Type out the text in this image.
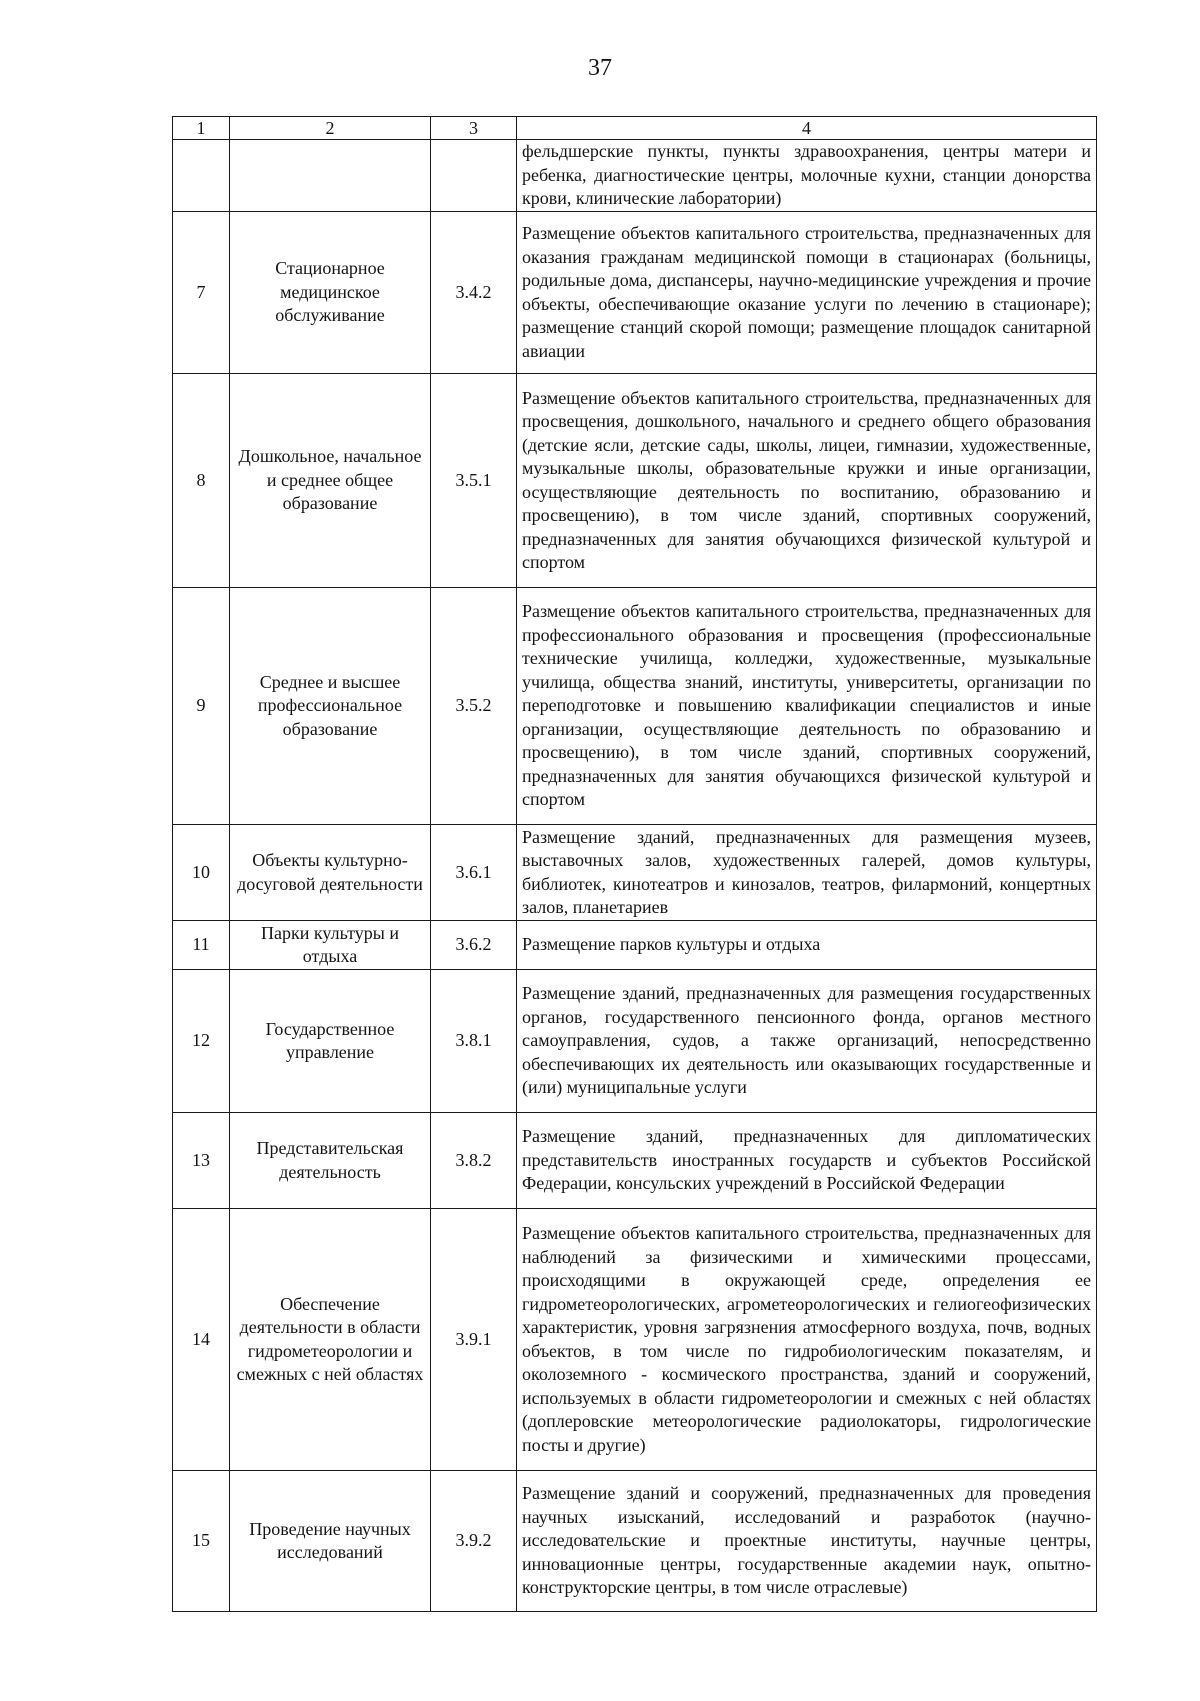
37
1	2	3	4
			фельдшерские пункты, пункты здравоохранения, центры матери и ребенка, диагностические центры, молочные кухни, станции донорства крови, клинические лаборатории)
7	Стационарное медицинское обслуживание	3.4.2	Размещение объектов капитального строительства, предназначенных для оказания гражданам медицинской помощи в стационарах (больницы, родильные дома, диспансеры, научно-медицинские учреждения и прочие объекты, обеспечивающие оказание услуги по лечению в стационаре); размещение станций скорой помощи; размещение площадок санитарной авиации
8	Дошкольное, начальное и среднее общее образование	3.5.1	Размещение объектов капитального строительства, предназначенных для просвещения, дошкольного, начального и среднего общего образования (детские ясли, детские сады, школы, лицеи, гимназии, художественные, музыкальные школы, образовательные кружки и иные организации, осуществляющие деятельность по воспитанию, образованию и просвещению), в том числе зданий, спортивных сооружений, предназначенных для занятия обучающихся физической культурой и спортом
9	Среднее и высшее профессиональное образование	3.5.2	Размещение объектов капитального строительства, предназначенных для профессионального образования и просвещения (профессиональные технические училища, колледжи, художественные, музыкальные училища, общества знаний, институты, университеты, организации по переподготовке и повышению квалификации специалистов и иные организации, осуществляющие деятельность по образованию и просвещению), в том числе зданий, спортивных сооружений, предназначенных для занятия обучающихся физической культурой и спортом
10	Объекты культурно-досуговой деятельности	3.6.1	Размещение зданий, предназначенных для размещения музеев, выставочных залов, художественных галерей, домов культуры, библиотек, кинотеатров и кинозалов, театров, филармоний, концертных залов, планетариев
11	Парки культуры и отдыха	3.6.2	Размещение парков культуры и отдыха
12	Государственное управление	3.8.1	Размещение зданий, предназначенных для размещения государственных органов, государственного пенсионного фонда, органов местного самоуправления, судов, а также организаций, непосредственно обеспечивающих их деятельность или оказывающих государственные и (или) муниципальные услуги
13	Представительская деятельность	3.8.2	Размещение зданий, предназначенных для дипломатических представительств иностранных государств и субъектов Российской Федерации, консульских учреждений в Российской Федерации
14	Обеспечение деятельности в области гидрометеорологии и смежных с ней областях	3.9.1	Размещение объектов капитального строительства, предназначенных для наблюдений за физическими и химическими процессами, происходящими в окружающей среде, определения ее гидрометеорологических, агрометеорологических и гелиогеофизических характеристик, уровня загрязнения атмосферного воздуха, почв, водных объектов, в том числе по гидробиологическим показателям, и околоземного - космического пространства, зданий и сооружений, используемых в области гидрометеорологии и смежных с ней областях (доплеровские метеорологические радиолокаторы, гидрологические посты и другие)
15	Проведение научных исследований	3.9.2	Размещение зданий и сооружений, предназначенных для проведения научных изысканий, исследований и разработок (научно-исследовательские и проектные институты, научные центры, инновационные центры, государственные академии наук, опытно-конструкторские центры, в том числе отраслевые)
